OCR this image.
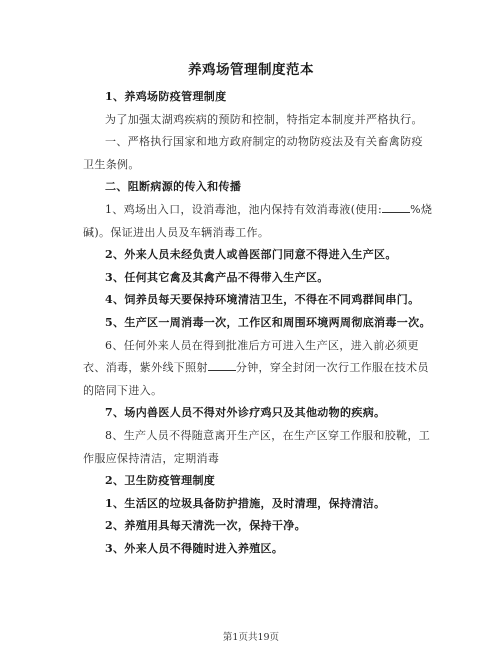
养鸡场管理制度范本

1、养鸡场防疫管理制度

为了加强太湖鸡疾病的预防和控制，特指定本制度并严格执行。

一、严格执行国家和地方政府制定的动物防疫法及有关畜禽防疫

卫生条例。

二、阻断病源的传入和传播

1、鸡场出入口，设消毒池，池内保持有效消毒液(使用:	%烧

碱)。保证进出人员及车辆消毒工作。

2、外来人员未经负责人或兽医部门同意不得进入生产区。

3、任何其它禽及其禽产品不得带入生产区。

4、饲养员每天要保持环境清洁卫生，不得在不同鸡群间串门。

5、生产区一周消毒一次，工作区和周围环境两周彻底消毒一次。

6、任何外来人员在得到批准后方可进入生产区，进入前必须更

衣、消毒，紫外线下照射	分钟，穿全封闭一次行工作服在技术员

的陪同下进入。

7、场内兽医人员不得对外诊疗鸡只及其他动物的疾病。

8、生产人员不得随意离开生产区，在生产区穿工作服和胶靴，工

作服应保持清洁，定期消毒

2、卫生防疫管理制度

1、生活区的垃圾具备防护措施，及时清理，保持清洁。

2、养殖用具每天清洗一次，保持干净。

3、外来人员不得随时进入养殖区。

第1页共19页
